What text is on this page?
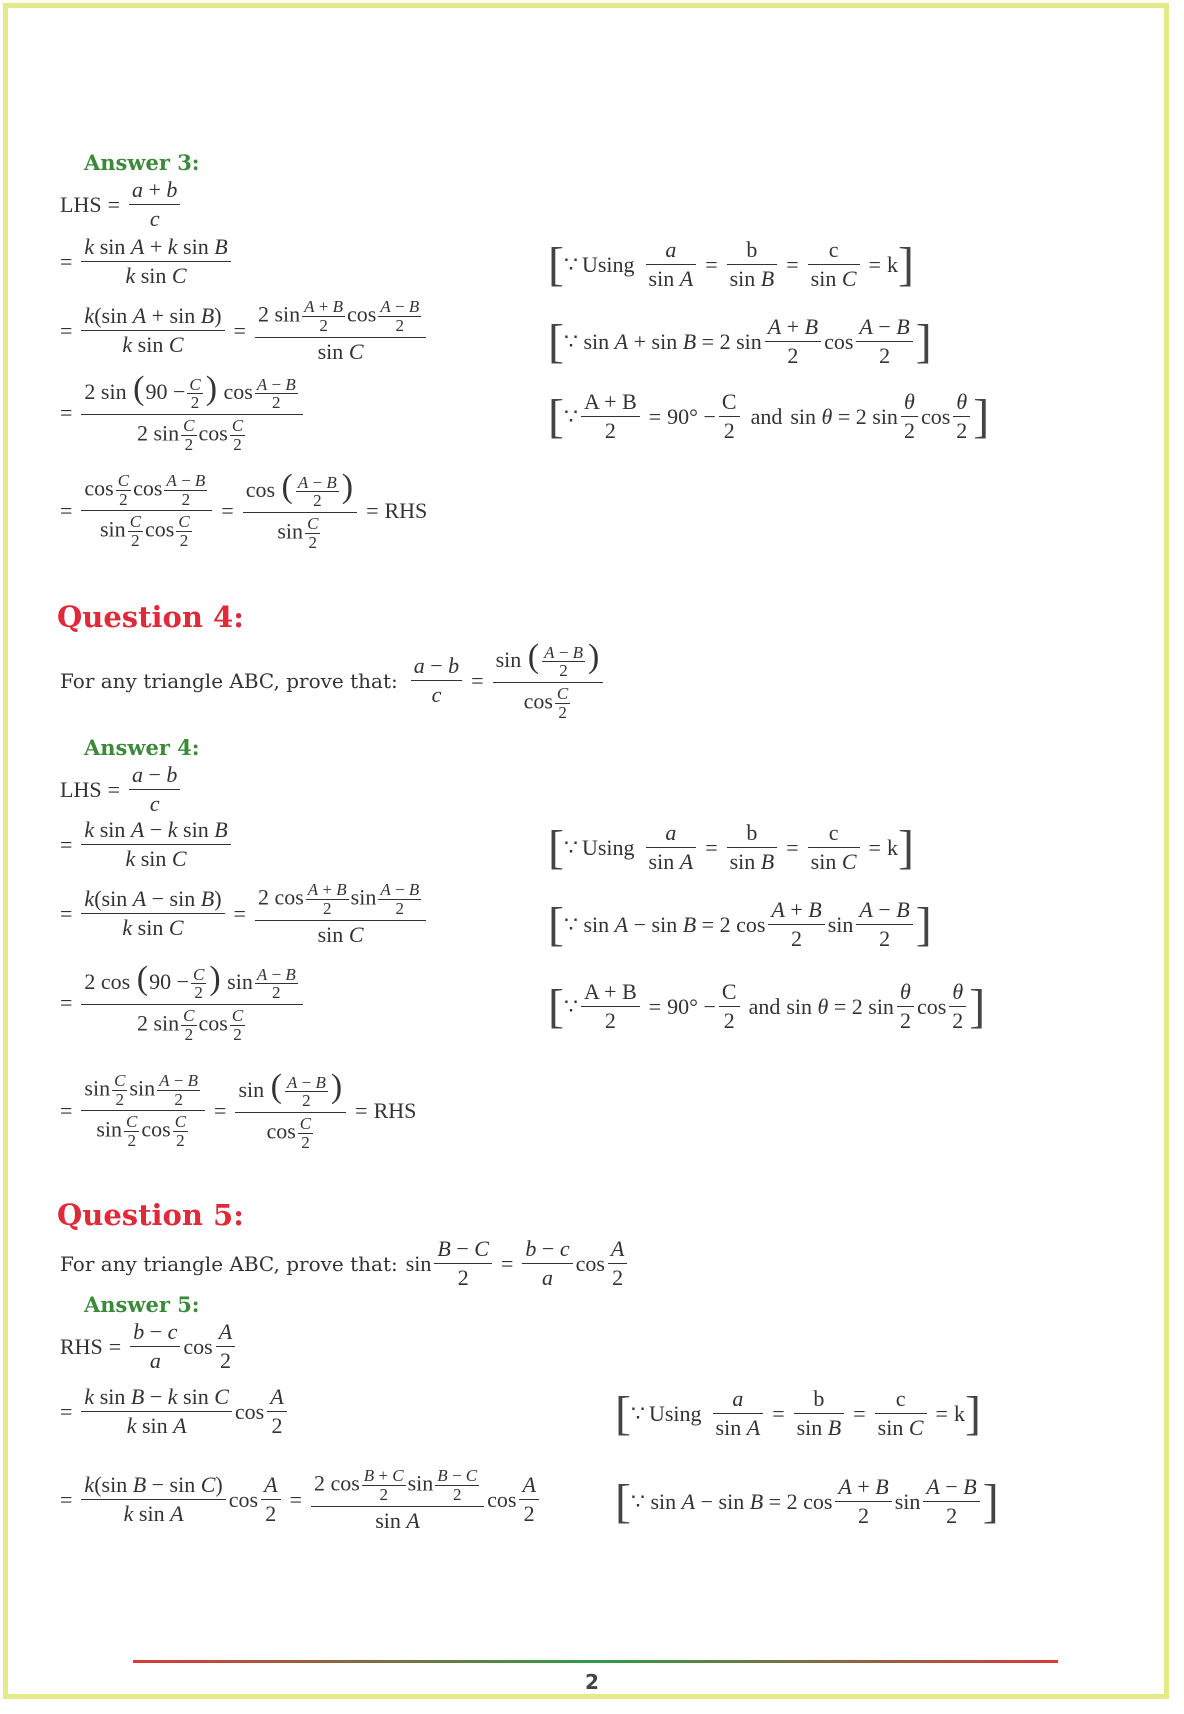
Answer 3:
LHS = $\frac{a + b}{c}$
= $\frac{\text{k sin A + k sin B}}{\text{k sin C}}$	[ ∵ Using $\frac{a}{\text{sin A}} = \frac{b}{\text{sin B}} = \frac{c}{\text{sin C}} = k$ ]
= $\frac{\text{k(sin A + sin B)}}{\text{k sin C}} = \frac{2 \sin \frac{A + B}{2} \cos \frac{A - B}{2}}{\text{sin C}}$	[ ∵ sin A + sin B = 2 sin
A + B
2
cos
A − B
2 ]
= $\frac{2 \sin (90 - \frac{C}{2} ) \cos \frac{A - B}{2}}{2 \sin \frac{C}{2} \cos \frac{C}{2}}$	[ ∵ $\frac{A + B}{2} = 90^\circ - \frac{C}{2}$ and sin θ = 2 sin
θ
2
cos
θ
2 ]
= $\frac{\cos \frac{C}{2} \cos \frac{A - B}{2}}{\sin \frac{C}{2} \cos \frac{C}{2}} = \frac{\cos ( \frac{A - B}{2} )}{\sin \frac{C}{2}}$ = RHS
Question 4:
For any triangle ABC, prove that: $\frac{a - b}{c} = \frac{\sin ( \frac{A - B}{2} )}{\cos \frac{C}{2}}$
Answer 4:
LHS = $\frac{a - b}{c}$
= $\frac{\text{k sin A − k sin B}}{\text{k sin C}}$	[ ∵ Using $\frac{a}{\text{sin A}} = \frac{b}{\text{sin B}} = \frac{c}{\text{sin C}} = k$ ]
= $\frac{\text{k(sin A − sin B)}}{\text{k sin C}} = \frac{2 \cos \frac{A + B}{2} \sin \frac{A - B}{2}}{\text{sin C}}$	[ ∵ sin A − sin B = 2 cos
A + B
2
sin
A − B
2 ]
= $\frac{2 \cos (90 - \frac{C}{2} ) \sin \frac{A - B}{2}}{2 \sin \frac{C}{2} \cos \frac{C}{2}}$	[ ∵ $\frac{A + B}{2} = 90^\circ - \frac{C}{2}$ and sin θ = 2 sin
θ
2
cos
θ
2 ]
= $\frac{\sin \frac{C}{2} \sin \frac{A - B}{2}}{\sin \frac{C}{2} \cos \frac{C}{2}} = \frac{\sin ( \frac{A - B}{2} )}{\cos \frac{C}{2}}$ = RHS
Question 5:
For any triangle ABC, prove that: $\sin \frac{B - C}{2} = \frac{b - c}{a}$ cos
A
2
Answer 5:
RHS = $\frac{b - c}{a}$ cos
A
2
= $\frac{\text{k sin B − k sin C}}{\text{k sin A}}$ cos
A
2	[ ∵ Using $\frac{a}{\text{sin A}} = \frac{b}{\text{sin B}} = \frac{c}{\text{sin C}} = k$ ]
= $\frac{\text{k(sin B − sin C)}}{\text{k sin A}}$ $\cos \frac{A}{2} = \frac{2 \cos \frac{B + C}{2} \sin \frac{B - C}{2}}{\text{sin A}}$ cos
A
2 [ ∵ sin A − sin B = 2 cos
A + B
2
sin
A − B
2 ]
2
